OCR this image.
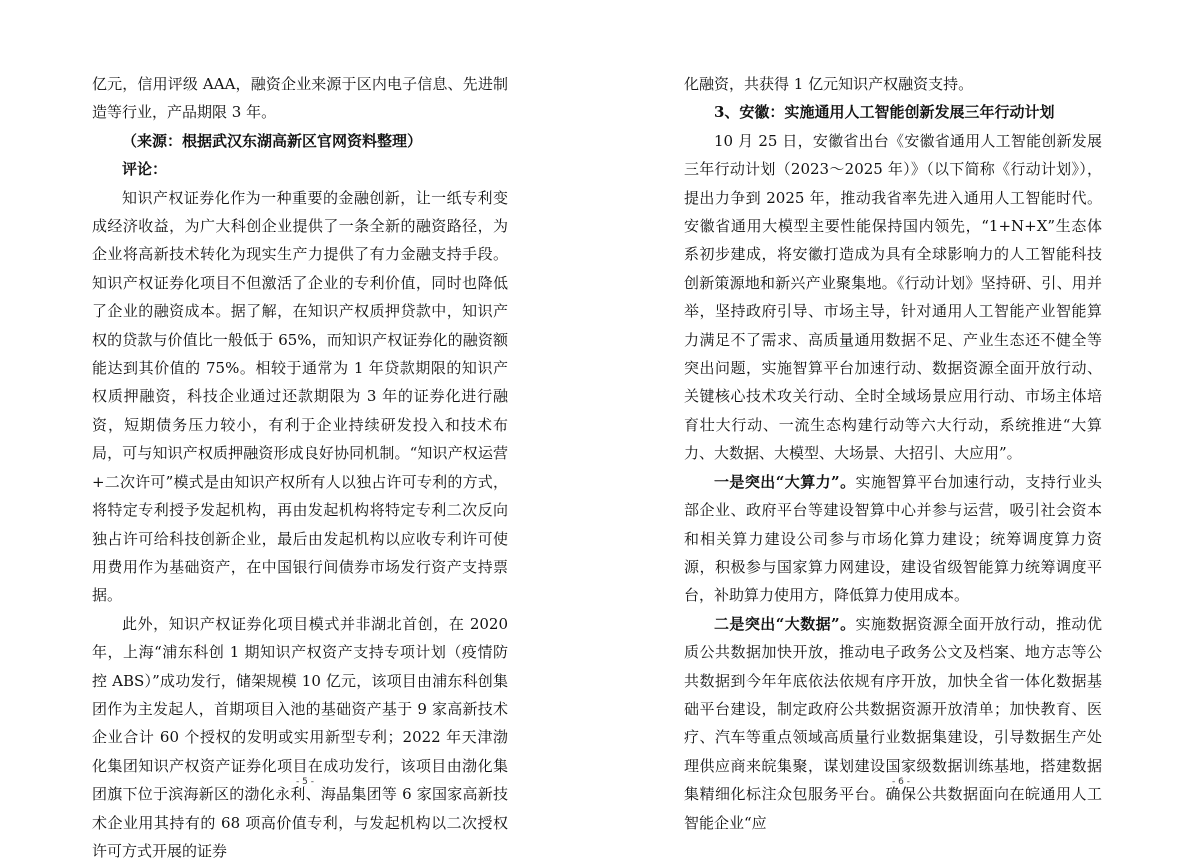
亿元，信用评级 AAA，融资企业来源于区内电子信息、先进制造等行业，产品期限 3 年。

（来源：根据武汉东湖高新区官网资料整理）

评论：

知识产权证券化作为一种重要的金融创新，让一纸专利变成经济收益，为广大科创企业提供了一条全新的融资路径，为企业将高新技术转化为现实生产力提供了有力金融支持手段。知识产权证券化项目不但激活了企业的专利价值，同时也降低了企业的融资成本。据了解，在知识产权质押贷款中，知识产权的贷款与价值比一般低于 65%，而知识产权证券化的融资额能达到其价值的 75%。相较于通常为 1 年贷款期限的知识产权质押融资，科技企业通过还款期限为 3 年的证券化进行融资，短期债务压力较小，有利于企业持续研发投入和技术布局，可与知识产权质押融资形成良好协同机制。“知识产权运营+二次许可”模式是由知识产权所有人以独占许可专利的方式，将特定专利授予发起机构，再由发起机构将特定专利二次反向独占许可给科技创新企业，最后由发起机构以应收专利许可使用费用作为基础资产，在中国银行间债券市场发行资产支持票据。

此外，知识产权证券化项目模式并非湖北首创，在 2020 年，上海“浦东科创 1 期知识产权资产支持专项计划（疫情防控 ABS）”成功发行，储架规模 10 亿元，该项目由浦东科创集团作为主发起人，首期项目入池的基础资产基于 9 家高新技术企业合计 60 个授权的发明或实用新型专利；2022 年天津渤化集团知识产权资产证券化项目在成功发行，该项目由渤化集团旗下位于滨海新区的渤化永利、海晶集团等 6 家国家高新技术企业用其持有的 68 项高价值专利，与发起机构以二次授权许可方式开展的证券

- 5 -

化融资，共获得 1 亿元知识产权融资支持。

3、安徽：实施通用人工智能创新发展三年行动计划

10 月 25 日，安徽省出台《安徽省通用人工智能创新发展三年行动计划（2023～2025 年）》（以下简称《行动计划》），提出力争到 2025 年，推动我省率先进入通用人工智能时代。安徽省通用大模型主要性能保持国内领先，“1+N+X”生态体系初步建成，将安徽打造成为具有全球影响力的人工智能科技创新策源地和新兴产业聚集地。《行动计划》坚持研、引、用并举，坚持政府引导、市场主导，针对通用人工智能产业智能算力满足不了需求、高质量通用数据不足、产业生态还不健全等突出问题，实施智算平台加速行动、数据资源全面开放行动、关键核心技术攻关行动、全时全域场景应用行动、市场主体培育壮大行动、一流生态构建行动等六大行动，系统推进“大算力、大数据、大模型、大场景、大招引、大应用”。

一是突出“大算力”。实施智算平台加速行动，支持行业头部企业、政府平台等建设智算中心并参与运营，吸引社会资本和相关算力建设公司参与市场化算力建设；统筹调度算力资源，积极参与国家算力网建设，建设省级智能算力统筹调度平台，补助算力使用方，降低算力使用成本。

二是突出“大数据”。实施数据资源全面开放行动，推动优质公共数据加快开放，推动电子政务公文及档案、地方志等公共数据到今年年底依法依规有序开放，加快全省一体化数据基础平台建设，制定政府公共数据资源开放清单；加快教育、医疗、汽车等重点领域高质量行业数据集建设，引导数据生产处理供应商来皖集聚，谋划建设国家级数据训练基地，搭建数据集精细化标注众包服务平台。确保公共数据面向在皖通用人工智能企业“应

- 6 -
